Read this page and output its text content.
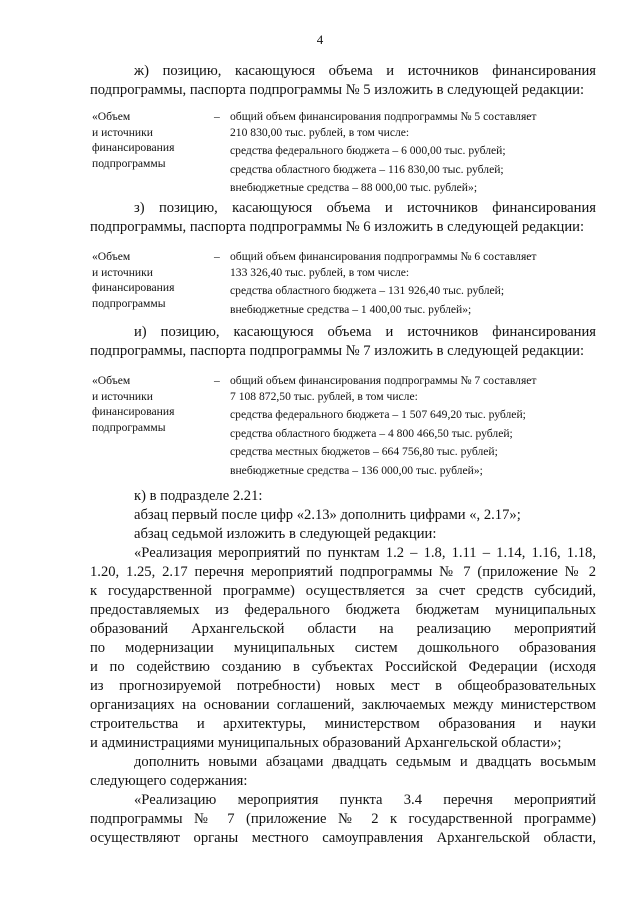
4
ж) позицию, касающуюся объема и источников финансирования
подпрограммы, паспорта подпрограммы № 5 изложить в следующей редакции:
«Объем
и источники
финансирования
подпрограммы
– общий объем финансирования подпрограммы № 5 составляет
210 830,00 тыс. рублей, в том числе:
средства федерального бюджета – 6 000,00 тыс. рублей;
средства областного бюджета – 116 830,00 тыс. рублей;
внебюджетные средства – 88 000,00 тыс. рублей»;
з) позицию, касающуюся объема и источников финансирования
подпрограммы, паспорта подпрограммы № 6 изложить в следующей редакции:
«Объем
и источники
финансирования
подпрограммы
– общий объем финансирования подпрограммы № 6 составляет
133 326,40 тыс. рублей, в том числе:
средства областного бюджета – 131 926,40 тыс. рублей;
внебюджетные средства – 1 400,00 тыс. рублей»;
и) позицию, касающуюся объема и источников финансирования
подпрограммы, паспорта подпрограммы № 7 изложить в следующей редакции:
«Объем
и источники
финансирования
подпрограммы
– общий объем финансирования подпрограммы № 7 составляет
7 108 872,50 тыс. рублей, в том числе:
средства федерального бюджета – 1 507 649,20 тыс. рублей;
средства областного бюджета – 4 800 466,50 тыс. рублей;
средства местных бюджетов – 664 756,80 тыс. рублей;
внебюджетные средства – 136 000,00 тыс. рублей»;
к) в подразделе 2.21:
абзац первый после цифр «2.13» дополнить цифрами «, 2.17»;
абзац седьмой изложить в следующей редакции:
«Реализация мероприятий по пунктам 1.2 – 1.8, 1.11 – 1.14, 1.16, 1.18,
1.20, 1.25, 2.17 перечня мероприятий подпрограммы № 7 (приложение № 2
к государственной программе) осуществляется за счет средств субсидий,
предоставляемых из федерального бюджета бюджетам муниципальных
образований Архангельской области на реализацию мероприятий
по модернизации муниципальных систем дошкольного образования
и по содействию созданию в субъектах Российской Федерации (исходя
из прогнозируемой потребности) новых мест в общеобразовательных
организациях на основании соглашений, заключаемых между министерством
строительства и архитектуры, министерством образования и науки
и администрациями муниципальных образований Архангельской области»;
дополнить новыми абзацами двадцать седьмым и двадцать восьмым
следующего содержания:
«Реализацию мероприятия пункта 3.4 перечня мероприятий
подпрограммы № 7 (приложение № 2 к государственной программе)
осуществляют органы местного самоуправления Архангельской области,
